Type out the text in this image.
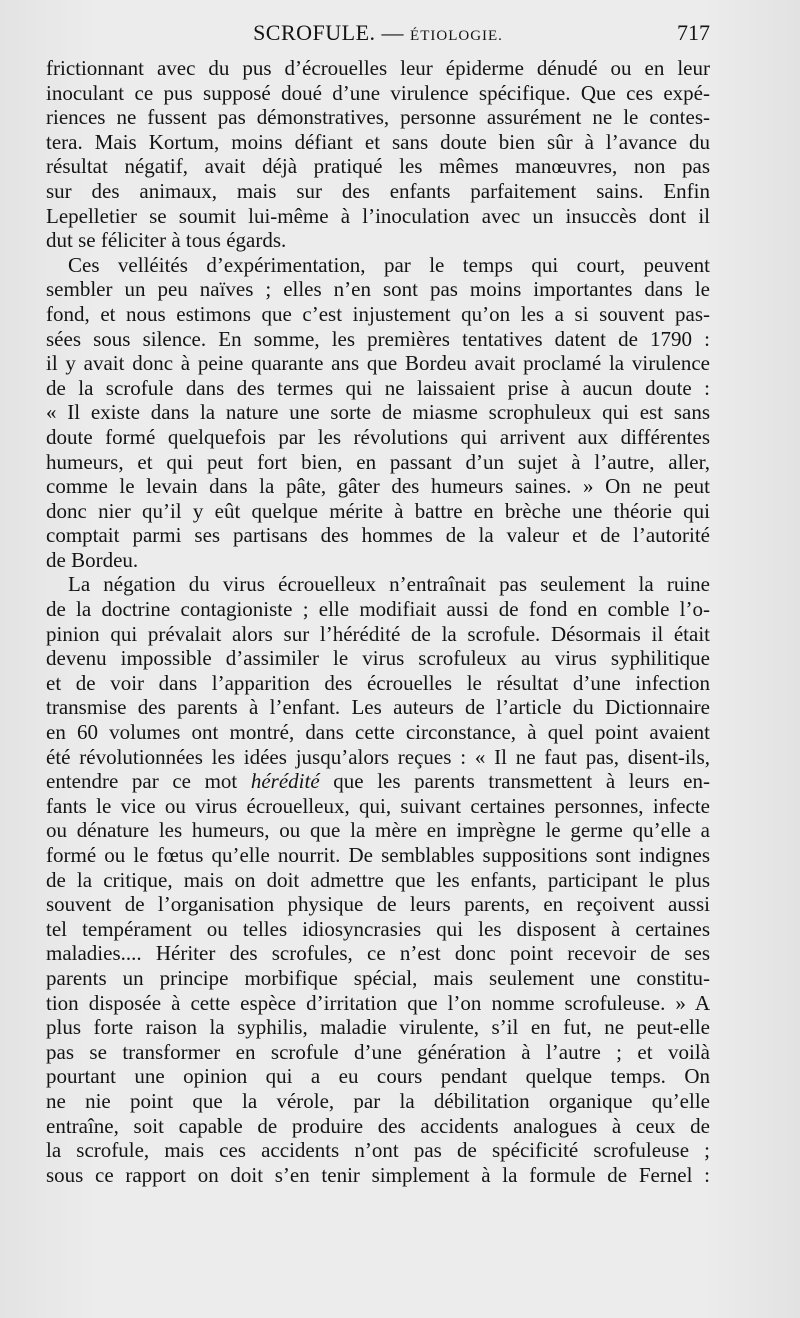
SCROFULE. — ÉTIOLOGIE.	717
frictionnant avec du pus d’écrouelles leur épiderme dénudé ou en leur
inoculant ce pus supposé doué d’une virulence spécifique. Que ces expé-
riences ne fussent pas démonstratives, personne assurément ne le contes-
tera. Mais Kortum, moins défiant et sans doute bien sûr à l’avance du
résultat négatif, avait déjà pratiqué les mêmes manœuvres, non pas
sur des animaux, mais sur des enfants parfaitement sains. Enfin
Lepelletier se soumit lui-même à l’inoculation avec un insuccès dont il
dut se féliciter à tous égards.
Ces velléités d’expérimentation, par le temps qui court, peuvent
sembler un peu naïves ; elles n’en sont pas moins importantes dans le
fond, et nous estimons que c’est injustement qu’on les a si souvent pas-
sées sous silence. En somme, les premières tentatives datent de 1790 :
il y avait donc à peine quarante ans que Bordeu avait proclamé la virulence
de la scrofule dans des termes qui ne laissaient prise à aucun doute :
« Il existe dans la nature une sorte de miasme scrophuleux qui est sans
doute formé quelquefois par les révolutions qui arrivent aux différentes
humeurs, et qui peut fort bien, en passant d’un sujet à l’autre, aller,
comme le levain dans la pâte, gâter des humeurs saines. » On ne peut
donc nier qu’il y eût quelque mérite à battre en brèche une théorie qui
comptait parmi ses partisans des hommes de la valeur et de l’autorité
de Bordeu.
La négation du virus écrouelleux n’entraînait pas seulement la ruine
de la doctrine contagioniste ; elle modifiait aussi de fond en comble l’o-
pinion qui prévalait alors sur l’hérédité de la scrofule. Désormais il était
devenu impossible d’assimiler le virus scrofuleux au virus syphilitique
et de voir dans l’apparition des écrouelles le résultat d’une infection
transmise des parents à l’enfant. Les auteurs de l’article du Dictionnaire
en 60 volumes ont montré, dans cette circonstance, à quel point avaient
été révolutionnées les idées jusqu’alors reçues : « Il ne faut pas, disent-ils,
entendre par ce mot hérédité que les parents transmettent à leurs en-
fants le vice ou virus écrouelleux, qui, suivant certaines personnes, infecte
ou dénature les humeurs, ou que la mère en imprègne le germe qu’elle a
formé ou le fœtus qu’elle nourrit. De semblables suppositions sont indignes
de la critique, mais on doit admettre que les enfants, participant le plus
souvent de l’organisation physique de leurs parents, en reçoivent aussi
tel tempérament ou telles idiosyncrasies qui les disposent à certaines
maladies.... Hériter des scrofules, ce n’est donc point recevoir de ses
parents un principe morbifique spécial, mais seulement une constitu-
tion disposée à cette espèce d’irritation que l’on nomme scrofuleuse. » A
plus forte raison la syphilis, maladie virulente, s’il en fut, ne peut-elle
pas se transformer en scrofule d’une génération à l’autre ; et voilà
pourtant une opinion qui a eu cours pendant quelque temps. On
ne nie point que la vérole, par la débilitation organique qu’elle
entraîne, soit capable de produire des accidents analogues à ceux de
la scrofule, mais ces accidents n’ont pas de spécificité scrofuleuse ;
sous ce rapport on doit s’en tenir simplement à la formule de Fernel :
